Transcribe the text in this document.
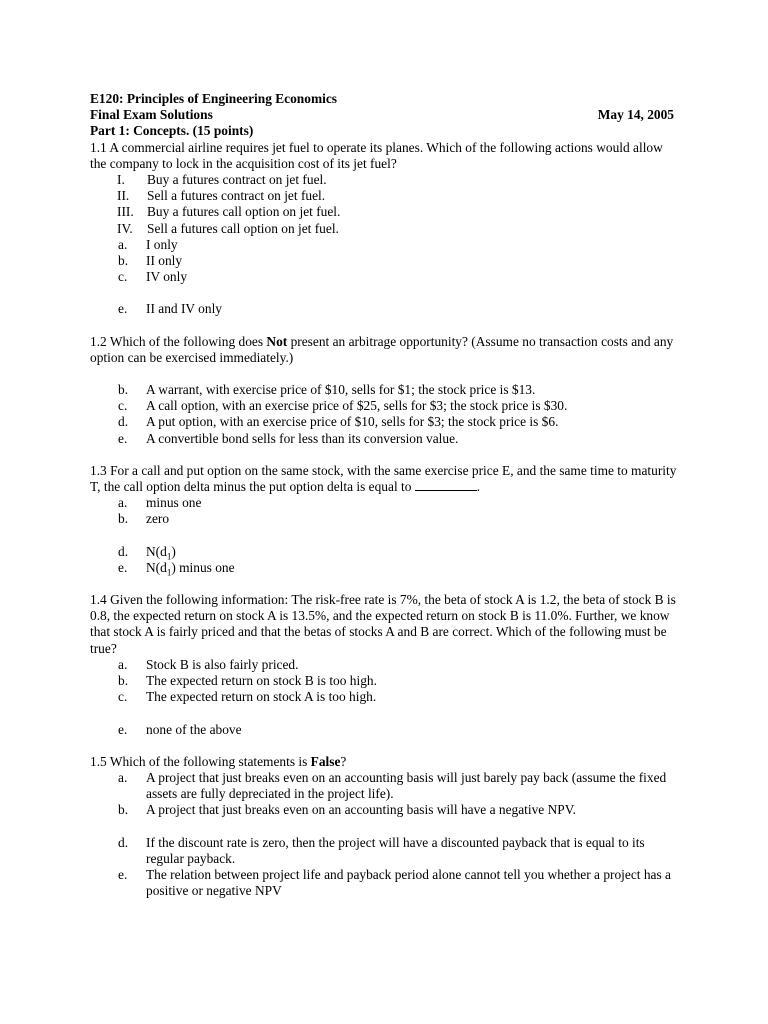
E120: Principles of Engineering Economics
Final Exam Solutions	May 14, 2005
Part 1: Concepts. (15 points)
1.1 A commercial airline requires jet fuel to operate its planes. Which of the following actions would allow the company to lock in the acquisition cost of its jet fuel?
I.	Buy a futures contract on jet fuel.
II.	Sell a futures contract on jet fuel.
III. Buy a futures call option on jet fuel.
IV.	Sell a futures call option on jet fuel.
a.	I only
b.	II only
c.	IV only
e.	II and IV only
1.2 Which of the following does Not present an arbitrage opportunity? (Assume no transaction costs and any option can be exercised immediately.)
b.	A warrant, with exercise price of $10, sells for $1; the stock price is $13.
c.	A call option, with an exercise price of $25, sells for $3; the stock price is $30.
d.	A put option, with an exercise price of $10, sells for $3; the stock price is $6.
e.	A convertible bond sells for less than its conversion value.
1.3 For a call and put option on the same stock, with the same exercise price E, and the same time to maturity T, the call option delta minus the put option delta is equal to	.
a.	minus one
b.	zero
d.	$N(d_1)$
e.	$N(d_1)$ minus one
1.4 Given the following information: The risk-free rate is 7%, the beta of stock A is 1.2, the beta of stock B is 0.8, the expected return on stock A is 13.5%, and the expected return on stock B is 11.0%. Further, we know that stock A is fairly priced and that the betas of stocks A and B are correct. Which of the following must be true?
a.	Stock B is also fairly priced.
b.	The expected return on stock B is too high.
c.	The expected return on stock A is too high.
e.	none of the above
1.5 Which of the following statements is False?
a.	A project that just breaks even on an accounting basis will just barely pay back (assume the fixed assets are fully depreciated in the project life).
b.	A project that just breaks even on an accounting basis will have a negative NPV.
d.	If the discount rate is zero, then the project will have a discounted payback that is equal to its regular payback.
e.	The relation between project life and payback period alone cannot tell you whether a project has a positive or negative NPV
